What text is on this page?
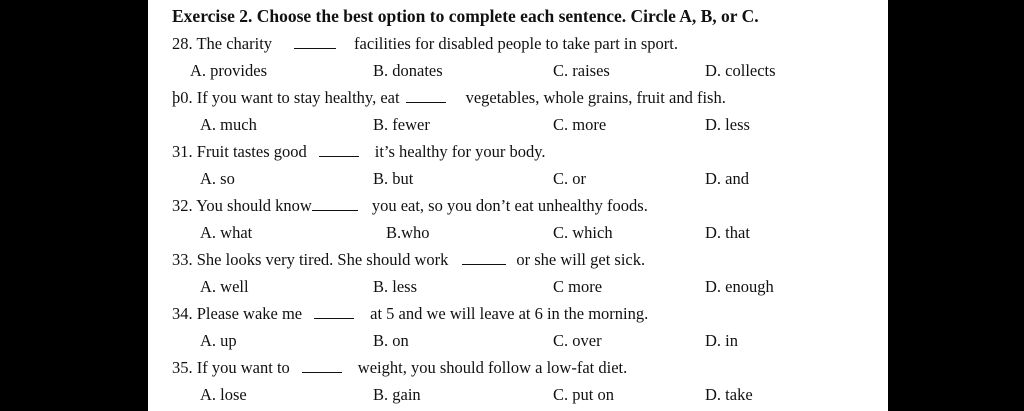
Exercise 2. Choose the best option to complete each sentence. Circle A, B, or C.
28. The charity	facilities for disabled people to take part in sport.
A. provides	B. donates	C. raises	D. collects
þ0. If you want to stay healthy, eat	vegetables, whole grains, fruit and fish.
A. much	B. fewer	C. more	D. less
31. Fruit tastes good	it’s healthy for your body.
A. so	B. but	C. or	D. and
32. You should know	you eat, so you don’t eat unhealthy foods.
A. what	B.who	C. which	D. that
33. She looks very tired. She should work	or she will get sick.
A. well	B. less	C more	D. enough
34. Please wake me	at 5 and we will leave at 6 in the morning.
A. up	B. on	C. over	D. in
35. If you want to	weight, you should follow a low-fat diet.
A. lose	B. gain	C. put on	D. take
